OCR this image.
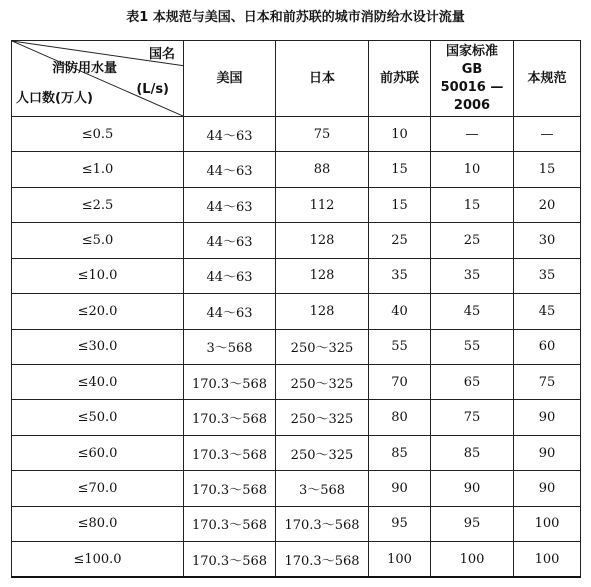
表1 本规范与美国、日本和前苏联的城市消防给水设计流量
国名
消防用水量
(L/s)
人口数(万人)	美国	日本	前苏联	国家标准 GB 50016 —2006	本规范
≤0.5	44～63	75	10	—	—
≤1.0	44～63	88	15	10	15
≤2.5	44～63	112	15	15	20
≤5.0	44～63	128	25	25	30
≤10.0	44～63	128	35	35	35
≤20.0	44～63	128	40	45	45
≤30.0	3～568	250～325	55	55	60
≤40.0	170.3～568	250～325	70	65	75
≤50.0	170.3～568	250～325	80	75	90
≤60.0	170.3～568	250～325	85	85	90
≤70.0	170.3～568	3～568	90	90	90
≤80.0	170.3～568	170.3～568	95	95	100
≤100.0	170.3～568	170.3～568	100	100	100
